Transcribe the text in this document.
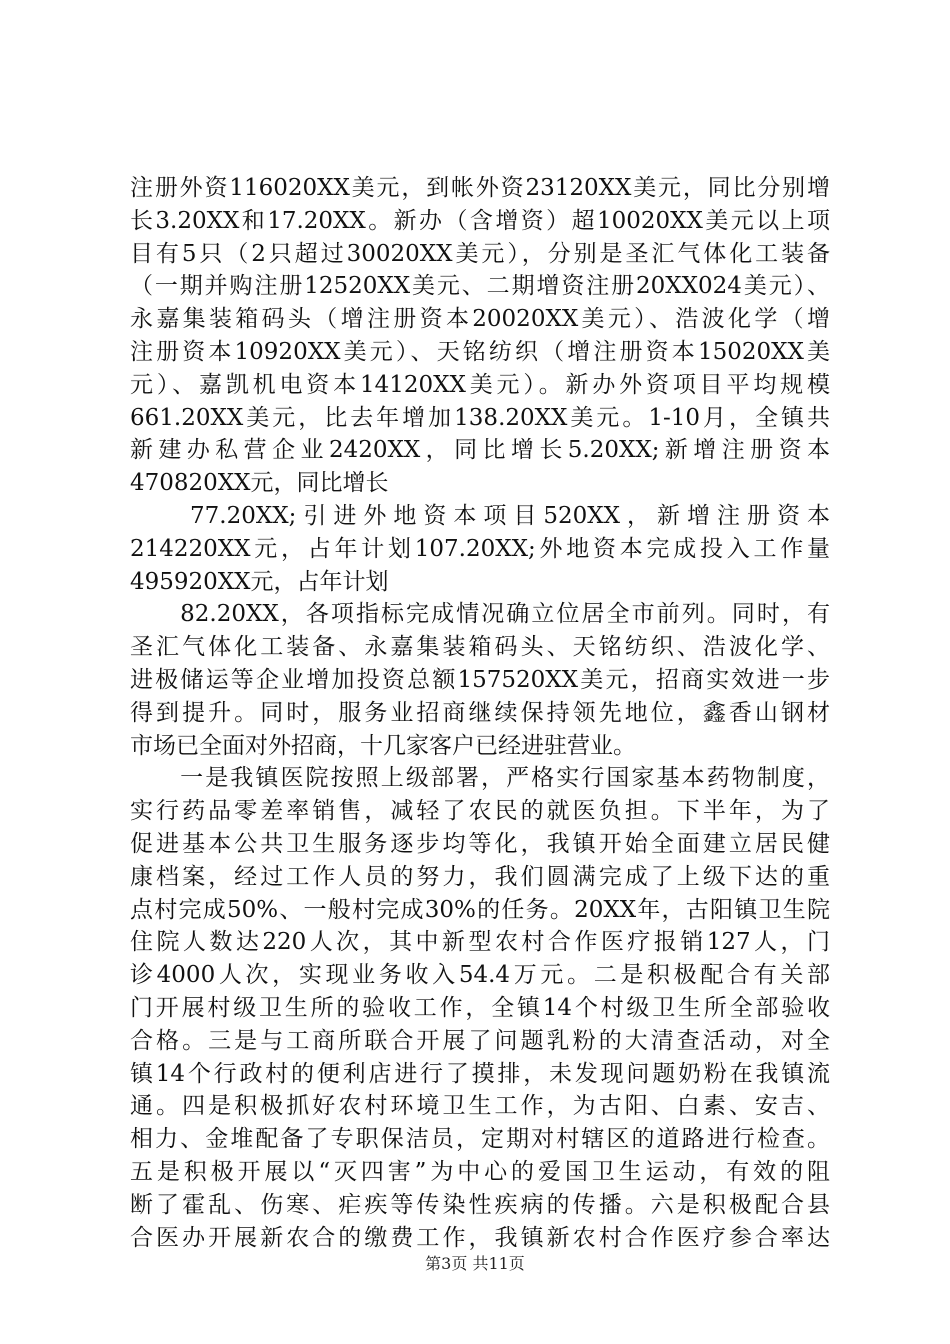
注册外资116020XX美元，到帐外资23120XX美元，同比分别增
长3.20XX和17.20XX。新办（含增资）超10020XX美元以上项
目有5只（2只超过30020XX美元），分别是圣汇气体化工装备
（一期并购注册12520XX美元、二期增资注册20XX024美元）、
永嘉集装箱码头（增注册资本20020XX美元）、浩波化学（增
注册资本10920XX美元）、天铭纺织（增注册资本15020XX美
元）、嘉凯机电资本14120XX美元）。新办外资项目平均规模
661.20XX美元，比去年增加138.20XX美元。1-10月，全镇共
新建办私营企业2420XX，同比增长5.20XX;新增注册资本
470820XX元，同比增长
　　77.20XX;引进外地资本项目520XX，新增注册资本
214220XX元，占年计划107.20XX;外地资本完成投入工作量
495920XX元，占年计划
　　82.20XX，各项指标完成情况确立位居全市前列。同时，有
圣汇气体化工装备、永嘉集装箱码头、天铭纺织、浩波化学、
进极储运等企业增加投资总额157520XX美元，招商实效进一步
得到提升。同时，服务业招商继续保持领先地位，鑫香山钢材
市场已全面对外招商，十几家客户已经进驻营业。
　　一是我镇医院按照上级部署，严格实行国家基本药物制度，
实行药品零差率销售，减轻了农民的就医负担。下半年，为了
促进基本公共卫生服务逐步均等化，我镇开始全面建立居民健
康档案，经过工作人员的努力，我们圆满完成了上级下达的重
点村完成50%、一般村完成30%的任务。20XX年，古阳镇卫生院
住院人数达220人次，其中新型农村合作医疗报销127人，门
诊4000人次，实现业务收入54.4万元。二是积极配合有关部
门开展村级卫生所的验收工作，全镇14个村级卫生所全部验收
合格。三是与工商所联合开展了问题乳粉的大清查活动，对全
镇14个行政村的便利店进行了摸排，未发现问题奶粉在我镇流
通。四是积极抓好农村环境卫生工作，为古阳、白素、安吉、
相力、金堆配备了专职保洁员，定期对村辖区的道路进行检查。
五是积极开展以“灭四害”为中心的爱国卫生运动，有效的阻
断了霍乱、伤寒、疟疾等传染性疾病的传播。六是积极配合县
合医办开展新农合的缴费工作，我镇新农村合作医疗参合率达
第3页 共11页
